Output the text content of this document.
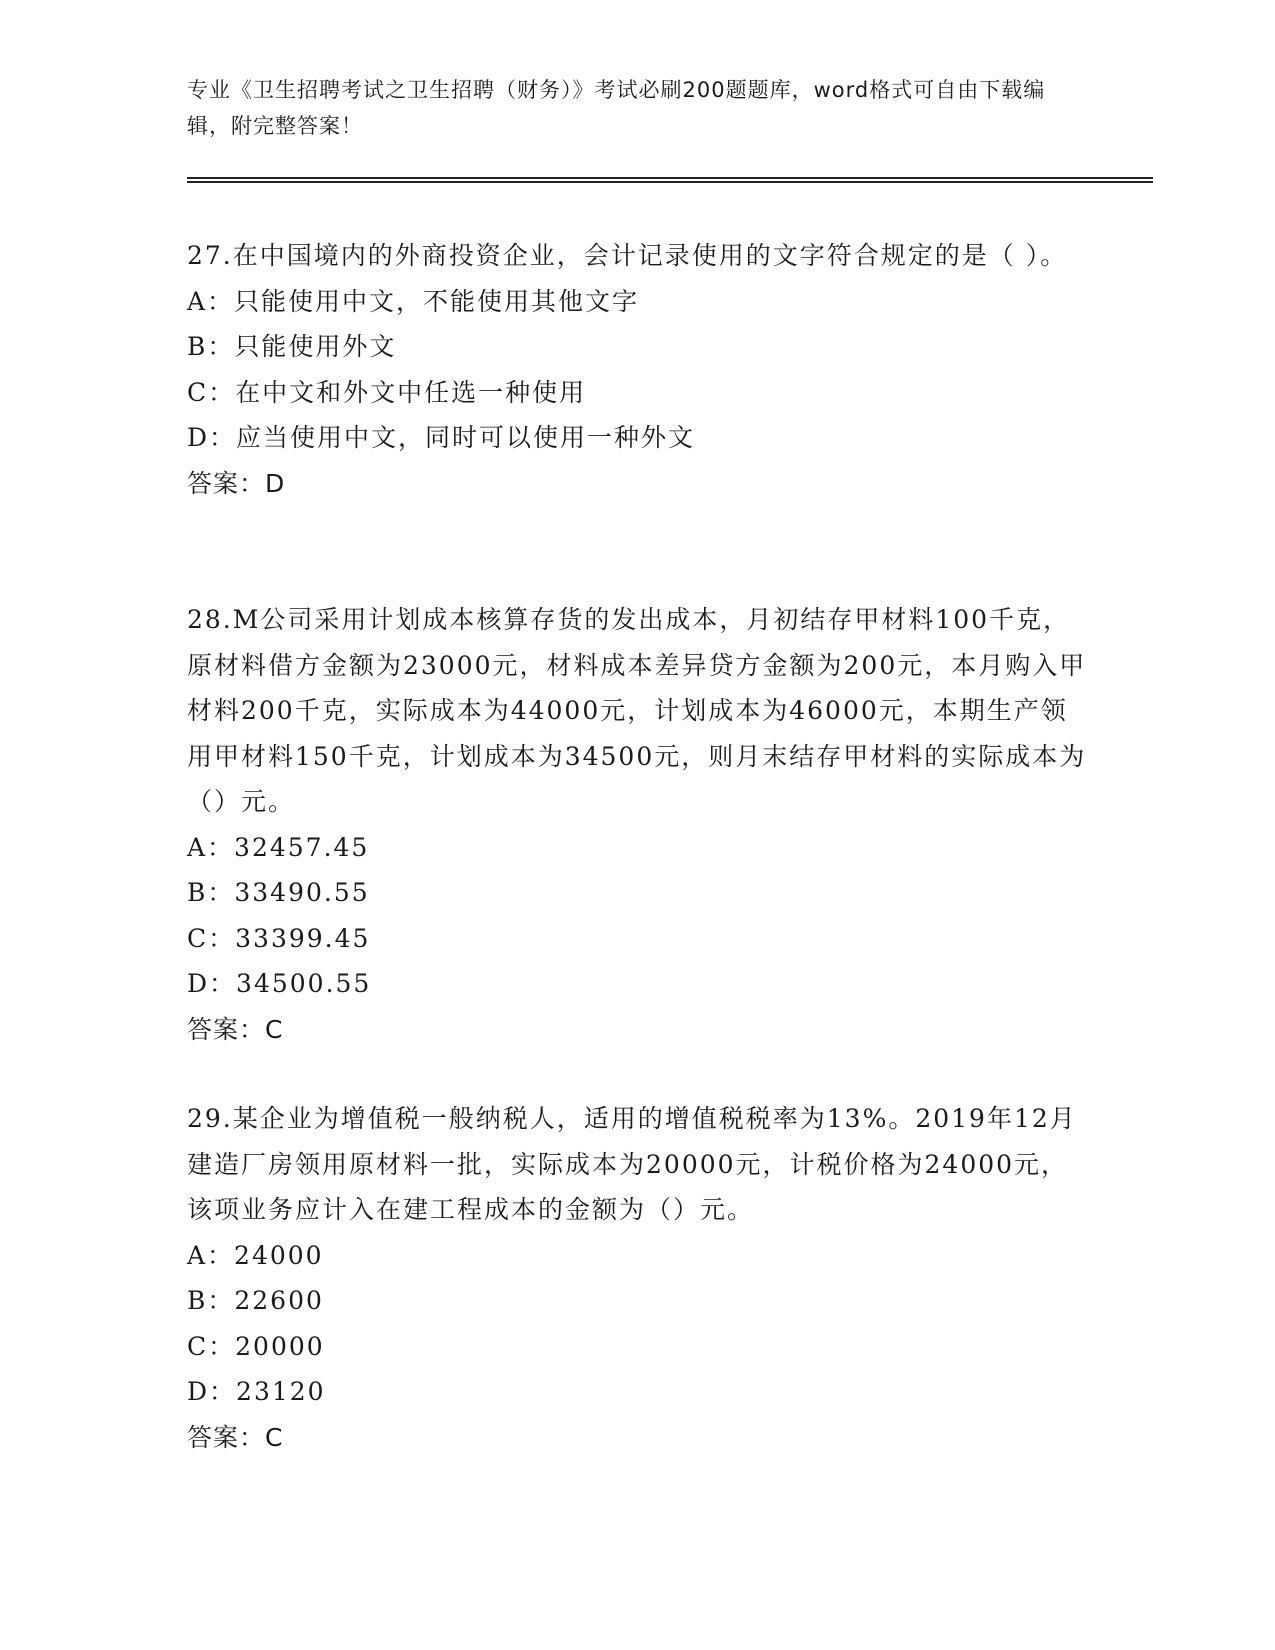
专业《卫生招聘考试之卫生招聘（财务）》考试必刷200题题库，word格式可自由下载编辑，附完整答案！

27.在中国境内的外商投资企业，会计记录使用的文字符合规定的是（ ）。

A：只能使用中文，不能使用其他文字

B：只能使用外文

C：在中文和外文中任选一种使用

D：应当使用中文，同时可以使用一种外文

答案：D

28.M公司采用计划成本核算存货的发出成本，月初结存甲材料100千克，原材料借方金额为23000元，材料成本差异贷方金额为200元，本月购入甲材料200千克，实际成本为44000元，计划成本为46000元，本期生产领用甲材料150千克，计划成本为34500元，则月末结存甲材料的实际成本为（）元。

A：32457.45

B：33490.55

C：33399.45

D：34500.55

答案：C

29.某企业为增值税一般纳税人，适用的增值税税率为13%。2019年12月建造厂房领用原材料一批，实际成本为20000元，计税价格为24000元，该项业务应计入在建工程成本的金额为（）元。

A：24000

B：22600

C：20000

D：23120

答案：C
